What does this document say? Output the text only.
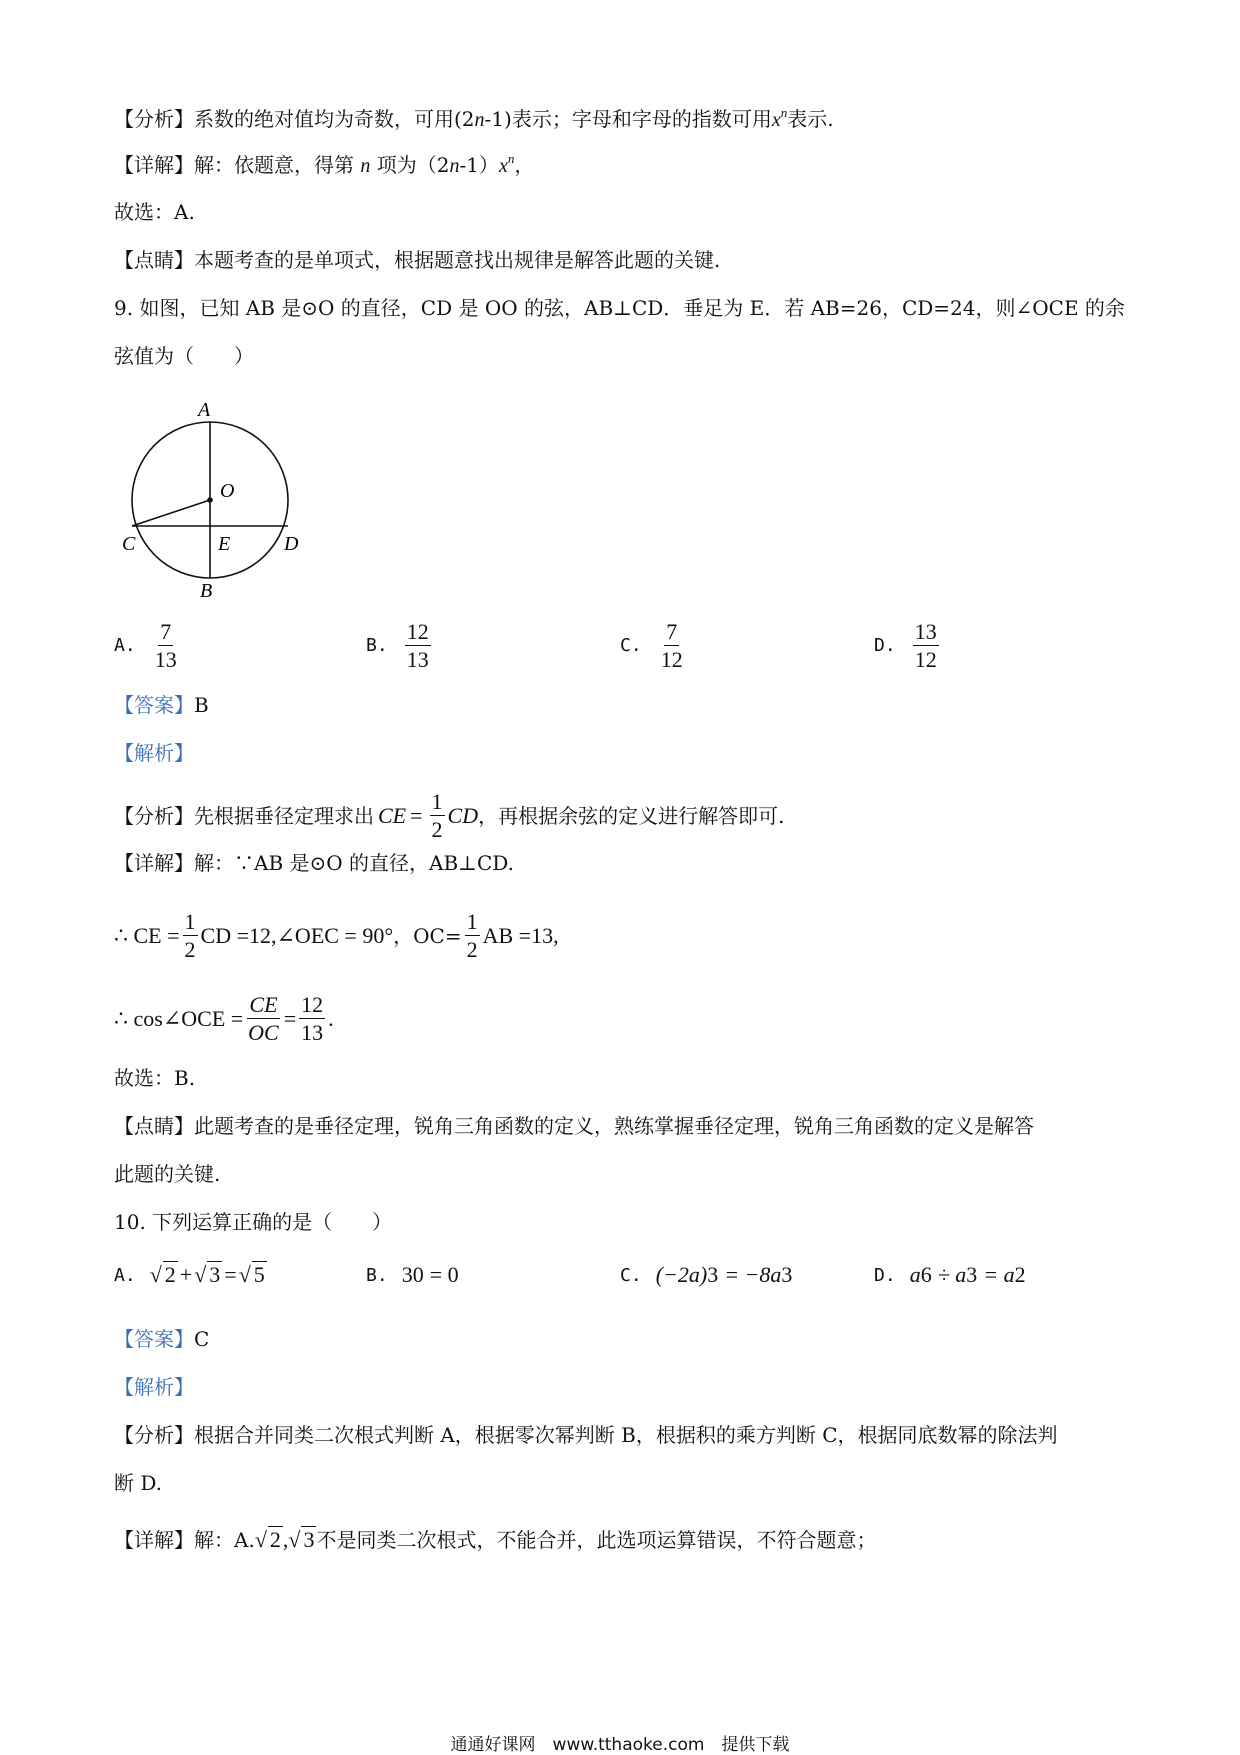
【分析】系数的绝对值均为奇数，可用(2n-1)表示；字母和字母的指数可用$x^n$表示.
【详解】解：依题意，得第 n 项为$(2n-1)x^n$，
故选：A.
【点睛】本题考查的是单项式，根据题意找出规律是解答此题的关键.
9. 如图，已知 AB 是⊙O 的直径，CD 是 OO 的弦，AB⊥CD．垂足为 E．若 AB=26，CD=24，则∠OCE 的余
弦值为（　　）
A
O
C	E	D
B
A. $\frac{7}{13}$	B. $\frac{12}{13}$	C. $\frac{7}{12}$	D. $\frac{13}{12}$
【答案】B
【解析】
【分析】 先根据垂径定理求出 CE = $\frac{1}{2}$ CD ，再根据余弦的定义进行解答即可.
【详解】解：∵AB 是⊙O 的直径，AB⊥CD.
∴ CE = $\frac{1}{2}$ CD =12,∠OEC = 90° ，$OC= \frac{1}{2}$ AB =13,
∴ cos∠OCE = $\frac{CE}{OC} = \frac{12}{13}$ .
故选：B.
【点睛】此题考查的是垂径定理，锐角三角函数的定义，熟练掌握垂径定理，锐角三角函数的定义是解答
此题的关键.
10. 下列运算正确的是（　　）
A. √ 2 + √ 3 = √ 5	B. 3 0 = 0	C. (−2a) 3 = −8a 3	D. a 6 ÷ a 3 = a 2
【答案】C
【解析】
【分析】根据合并同类二次根式判断 A，根据零次幂判断 B，根据积的乘方判断 C，根据同底数幂的除法判
断 D.
【详解】 解：A. √ 2 , √ 3 不是同类二次根式，不能合并，此选项运算错误，不符合题意；
通通好课网　www.tthaoke.com　提供下载
